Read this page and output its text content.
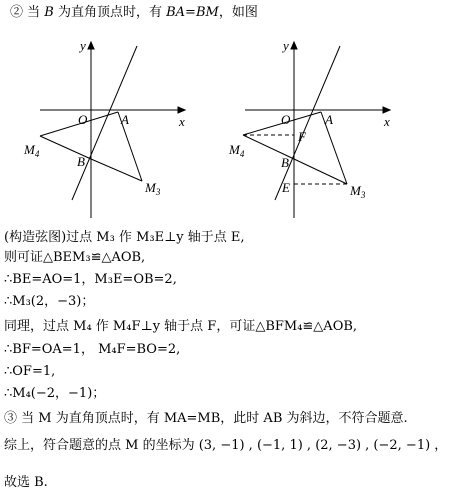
② 当 B 为直角顶点时，有 BA=BM，如图
x
y
O	A
B
$M_3$
$M_4$
x
y
O	A
F
B
E	$M_3$
$M_4$
(构造弦图)过点 M₃ 作 M₃E⊥y 轴于点 E,
则可证△BEM₃≌△AOB,
∴BE=AO=1，M₃E=OB=2,
∴M₃(2，−3)；
同理，过点 M₄ 作 M₄F⊥y 轴于点 F，可证△BFM₄≌△AOB,
∴BF=OA=1， M₄F=BO=2,
∴OF=1,
∴M₄(−2，−1)；
③ 当 M 为直角顶点时，有 MA=MB，此时 AB 为斜边，不符合题意.
综上，符合题意的点 M 的坐标为 (3, −1) , (−1, 1) , (2, −3) , (−2, −1) ，
故选 B.
